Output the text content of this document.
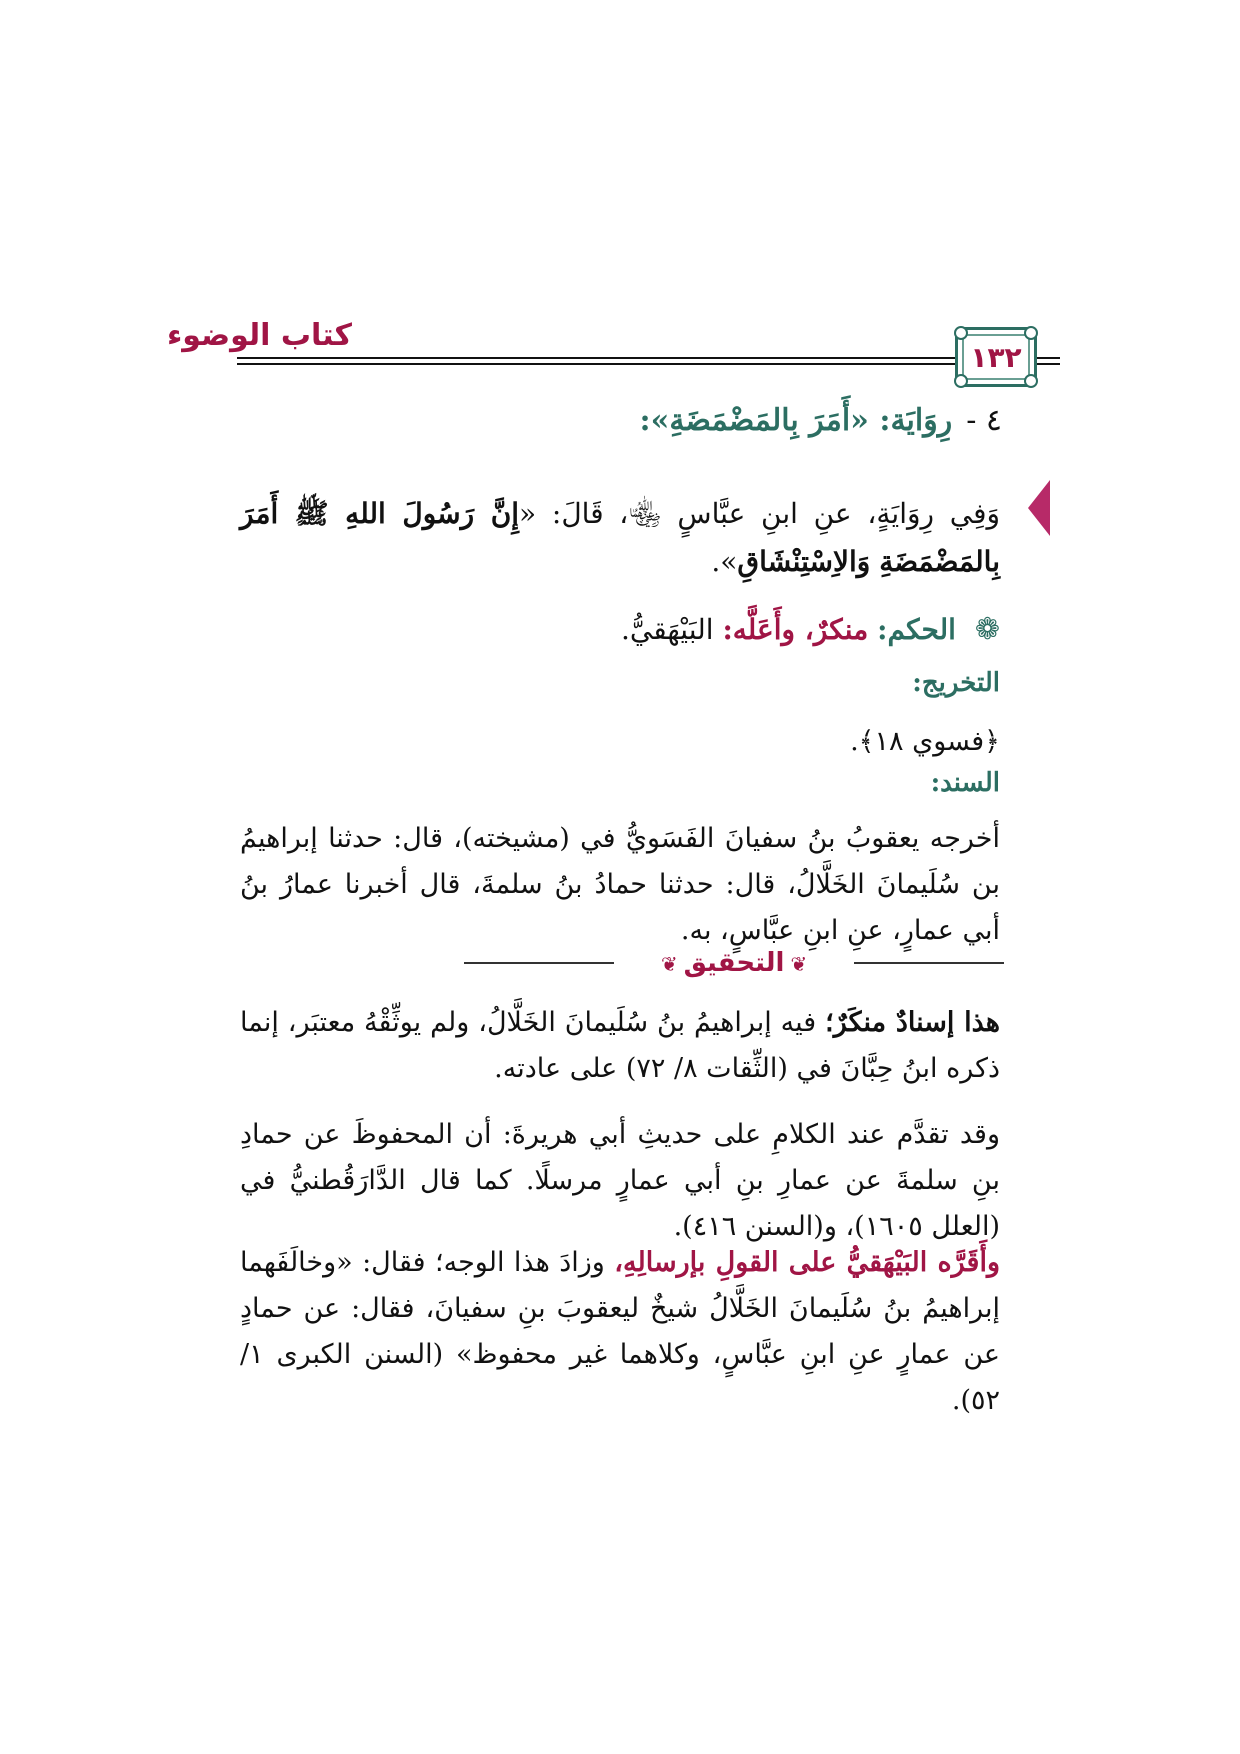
كتاب الوضوء
١٣٢
٤ -رِوَايَة: «أَمَرَ بِالمَضْمَضَةِ»:
وَفِي رِوَايَةٍ، عنِ ابنِ عبَّاسٍ ﵄، قَالَ: «إِنَّ رَسُولَ اللهِ ﷺ أَمَرَ بِالمَضْمَضَةِ وَالاِسْتِنْشَاقِ».
❁ الحكم: منكرٌ، وأَعَلَّه: البَيْهَقيُّ.
التخريج:
﴿فسوي ١٨﴾.
السند:

أخرجه يعقوبُ بنُ سفيانَ الفَسَويُّ في (مشيخته)، قال: حدثنا إبراهيمُ بن سُلَيمانَ الخَلَّالُ، قال: حدثنا حمادُ بنُ سلمةَ، قال أخبرنا عمارُ بنُ أبي عمارٍ، عنِ ابنِ عبَّاسٍ، به.

❦ التحقيق ❦

هذا إسنادٌ منكَرٌ؛ فيه إبراهيمُ بنُ سُلَيمانَ الخَلَّالُ، ولم يوثِّقْهُ معتبَر، إنما ذكره ابنُ حِبَّانَ في (الثِّقات ٨/ ٧٢) على عادته.

وقد تقدَّم عند الكلامِ على حديثِ أبي هريرةَ: أن المحفوظَ عن حمادِ بنِ سلمةَ عن عمارِ بنِ أبي عمارٍ مرسلًا. كما قال الدَّارَقُطنيُّ في (العلل ١٦٠٥)، و(السنن ٤١٦).

وأَقَرَّه البَيْهَقيُّ على القولِ بإرسالِهِ، وزادَ هذا الوجه؛ فقال: «وخالَفَهما إبراهيمُ بنُ سُلَيمانَ الخَلَّالُ شيخٌ ليعقوبَ بنِ سفيانَ، فقال: عن حمادٍ عن عمارٍ عنِ ابنِ عبَّاسٍ، وكلاهما غير محفوظ» (السنن الكبرى ١/ ٥٢).
